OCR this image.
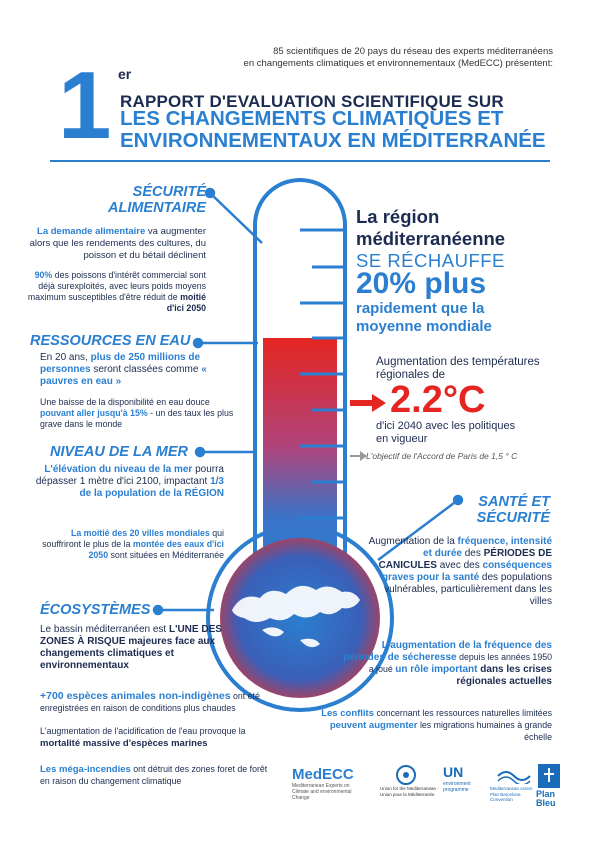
85 scientifiques de 20 pays du réseau des experts méditerranéens
en changements climatiques et environnementaux (MedECC) présentent:
1 er
RAPPORT D'EVALUATION SCIENTIFIQUE SUR
LES CHANGEMENTS CLIMATIQUES ET
ENVIRONNEMENTAUX EN MÉDITERRANÉE
SÉCURITÉ
ALIMENTAIRE
La demande alimentaire va augmenter alors que les rendements des cultures, du poisson et du bétail déclinent
90% des poissons d'intérêt commercial sont déjà surexploités, avec leurs poids moyens maximum susceptibles d'être réduit de moitié d'ici 2050
RESSOURCES EN EAU
En 20 ans, plus de 250 millions de personnes seront classées comme « pauvres en eau »
Une baisse de la disponibilité en eau douce pouvant aller jusqu'à 15% - un des taux les plus grave dans le monde
NIVEAU DE LA MER
L'élévation du niveau de la mer pourra dépasser 1 mètre d'ici 2100, impactant 1/3 de la population de la RÉGION
La moitié des 20 villes mondiales qui souffriront le plus de la montée des eaux d'ici 2050 sont situées en Méditerranée
ÉCOSYSTÈMES
Le bassin méditerranéen est L'UNE DES ZONES À RISQUE majeures face aux changements climatiques et environnementaux
+700 espèces animales non-indigènes ont été enregistrées en raison de conditions plus chaudes
L'augmentation de l'acidification de l'eau provoque la mortalité massive d'espèces marines
Les méga-incendies ont détruit des zones foret de forêt en raison du changement climatique
La région
méditerranéenne
SE RÉCHAUFFE
20% plus
rapidement que la
moyenne mondiale
Augmentation des températures régionales de
2.2°C
d'ici 2040 avec les politiques
en vigueur
L'objectif de l'Accord de Paris de 1,5 ° C
SANTÉ ET
SÉCURITÉ
Augmentation de la fréquence, intensité et durée des PÉRIODES DE CANICULES avec des conséquences graves pour la santé des populations vulnérables, particulièrement dans les villes
L'augmentation de la fréquence des périodes de sécheresse depuis les années 1950 a joué un rôle important dans les crises régionales actuelles
Les conflits concernant les ressources naturelles limitées peuvent augmenter les migrations humaines à grande échelle
MedECC
Mediterranean Experts on Climate and environmental Change
Union for the Mediterranean · Union pour la Méditerranée
UN
environment programme	Mediterranean Action Plan Barcelona Convention
Plan Bleu
